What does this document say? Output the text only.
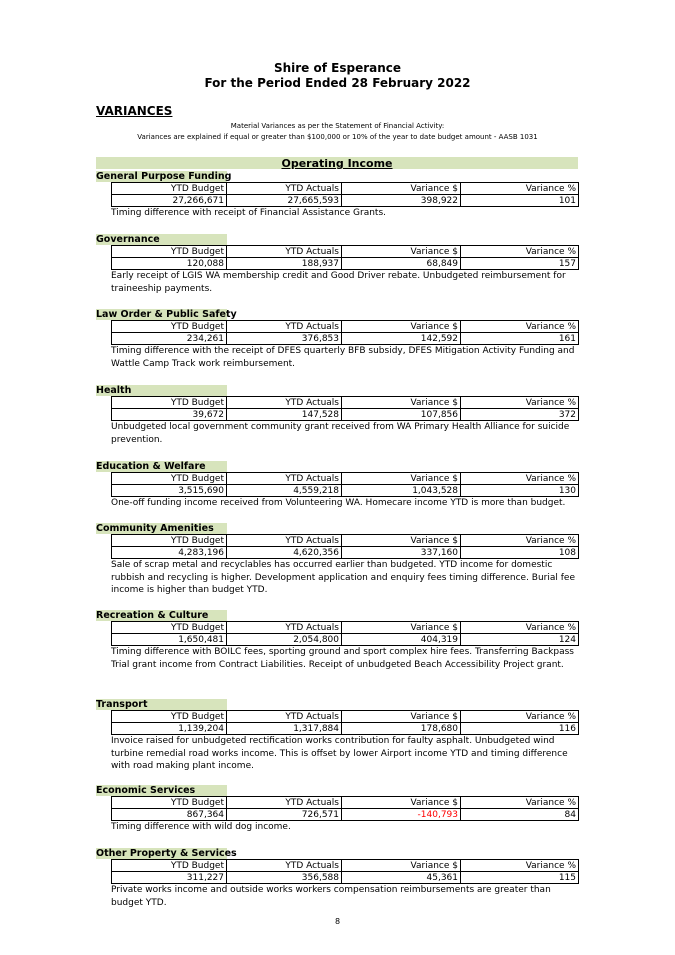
Shire of Esperance
For the Period Ended 28 February 2022
VARIANCES
Material Variances as per the Statement of Financial Activity:
Variances are explained if equal or greater than $100,000 or 10% of the year to date budget amount - AASB 1031
Operating Income
General Purpose Funding
YTD Budget	YTD Actuals	Variance $	Variance %
27,266,671	27,665,593	398,922	101
Timing difference with receipt of Financial Assistance Grants.
Governance
YTD Budget	YTD Actuals	Variance $	Variance %
120,088	188,937	68,849	157
Early receipt of LGIS WA membership credit and Good Driver rebate. Unbudgeted reimbursement for traineeship payments.
Law Order & Public Safety
YTD Budget	YTD Actuals	Variance $	Variance %
234,261	376,853	142,592	161
Timing difference with the receipt of DFES quarterly BFB subsidy, DFES Mitigation Activity Funding and Wattle Camp Track work reimbursement.
Health
YTD Budget	YTD Actuals	Variance $	Variance %
39,672	147,528	107,856	372
Unbudgeted local government community grant received from WA Primary Health Alliance for suicide prevention.
Education & Welfare
YTD Budget	YTD Actuals	Variance $	Variance %
3,515,690	4,559,218	1,043,528	130
One-off funding income received from Volunteering WA. Homecare income YTD is more than budget.
Community Amenities
YTD Budget	YTD Actuals	Variance $	Variance %
4,283,196	4,620,356	337,160	108
Sale of scrap metal and recyclables has occurred earlier than budgeted. YTD income for domestic rubbish and recycling is higher. Development application and enquiry fees timing difference. Burial fee income is higher than budget YTD.
Recreation & Culture
YTD Budget	YTD Actuals	Variance $	Variance %
1,650,481	2,054,800	404,319	124
Timing difference with BOILC fees, sporting ground and sport complex hire fees. Transferring Backpass Trial grant income from Contract Liabilities. Receipt of unbudgeted Beach Accessibility Project grant.
Transport
YTD Budget	YTD Actuals	Variance $	Variance %
1,139,204	1,317,884	178,680	116
Invoice raised for unbudgeted rectification works contribution for faulty asphalt. Unbudgeted wind turbine remedial road works income. This is offset by lower Airport income YTD and timing difference with road making plant income.
Economic Services
YTD Budget	YTD Actuals	Variance $	Variance %
867,364	726,571	-140,793	84
Timing difference with wild dog income.
Other Property & Services
YTD Budget	YTD Actuals	Variance $	Variance %
311,227	356,588	45,361	115
Private works income and outside works workers compensation reimbursements are greater than budget YTD.
8
